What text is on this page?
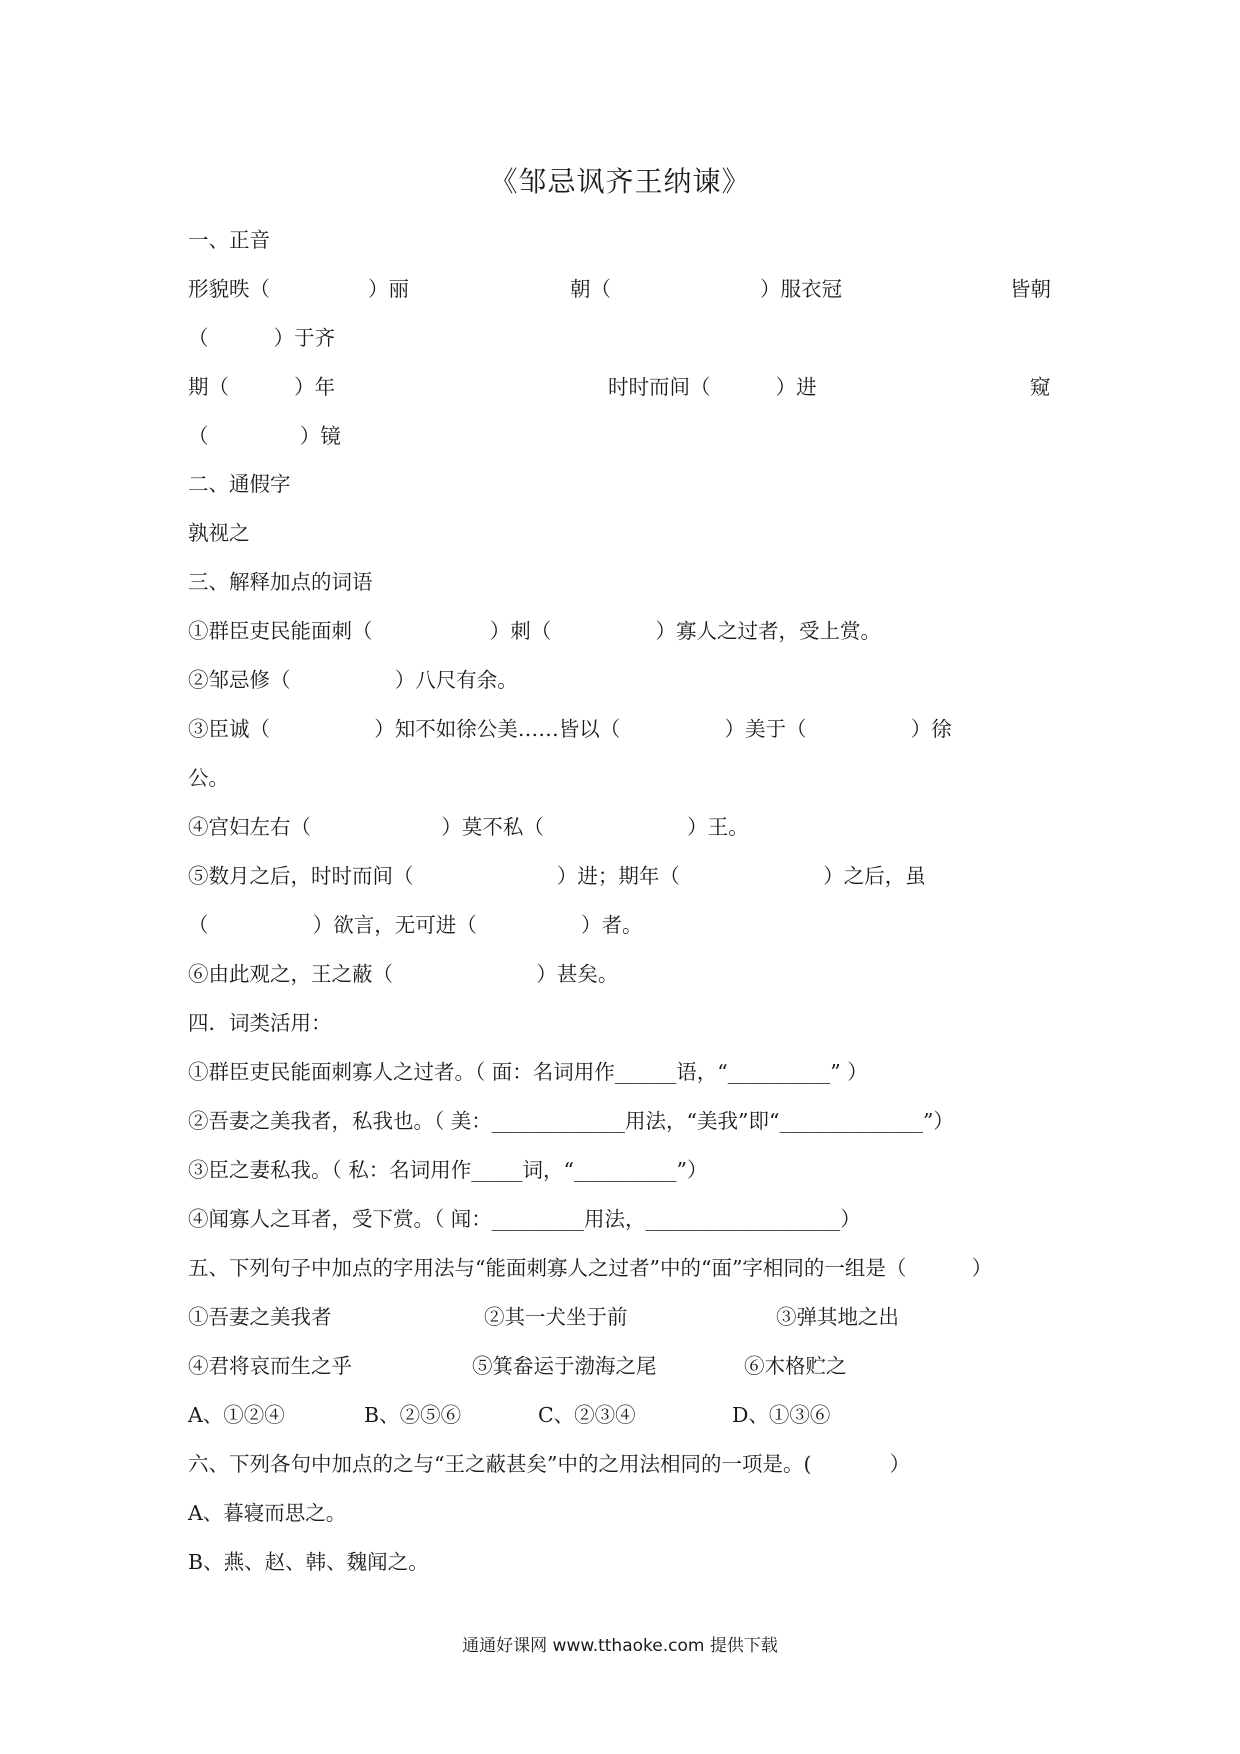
《邹忌讽齐王纳谏》
一、正音
形貌昳（	）丽	朝（	）服衣冠	皆朝
（          ）于齐
期（          ）年	时时而间（          ）进	窥
（              ）镜
二、通假字
孰视之
三、解释加点的词语
①群臣吏民能面刺（                  ）刺（                ）寡人之过者，受上赏。
②邹忌修（                ）八尺有余。
③臣诚（                ）知不如徐公美……皆以（                ）美于（                ）徐
公。
④宫妇左右（                    ）莫不私（                      ）王。
⑤数月之后，时时而间（                      ）进；期年（                      ）之后，虽
（                ）欲言，无可进（                ）者。
⑥由此观之，王之蔽（                      ）甚矣。
四．词类活用：
①群臣吏民能面刺寡人之过者。（ 面：名词用作______语，“__________” ）
②吾妻之美我者，私我也。（ 美：_____________用法，“美我”即“______________”）
③臣之妻私我。（ 私：名词用作_____词，“__________”）
④闻寡人之耳者，受下赏。（ 闻：_________用法，___________________）
五、下列句子中加点的字用法与“能面刺寡人之过者”中的“面”字相同的一组是（          ）
①吾妻之美我者	②其一犬坐于前	③弹其地之出
④君将哀而生之乎	⑤箕畚运于渤海之尾	⑥木格贮之
A、①②④	B、②⑤⑥	C、②③④	D、①③⑥
六、下列各句中加点的之与“王之蔽甚矣”中的之用法相同的一项是。(            ）
A、暮寝而思之。
B、燕、赵、韩、魏闻之。
通通好课网 www.tthaoke.com 提供下载
